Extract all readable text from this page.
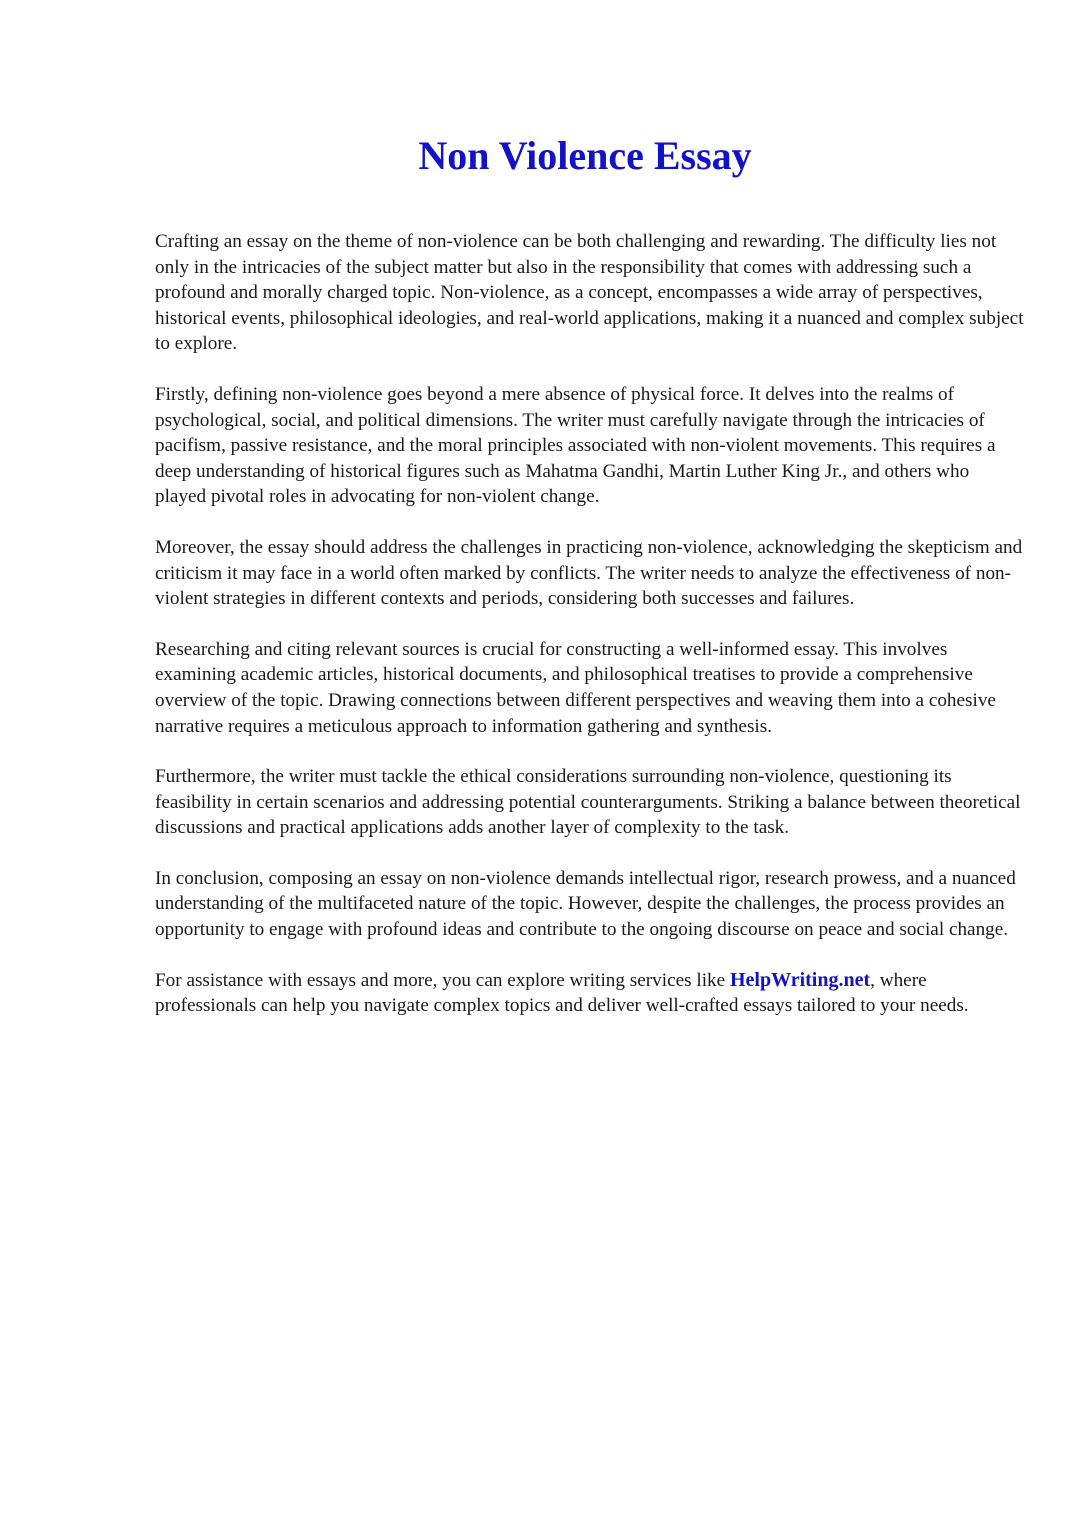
Non Violence Essay

Crafting an essay on the theme of non-violence can be both challenging and rewarding. The difficulty lies not only in the intricacies of the subject matter but also in the responsibility that comes with addressing such a profound and morally charged topic. Non-violence, as a concept, encompasses a wide array of perspectives, historical events, philosophical ideologies, and real-world applications, making it a nuanced and complex subject to explore.

Firstly, defining non-violence goes beyond a mere absence of physical force. It delves into the realms of psychological, social, and political dimensions. The writer must carefully navigate through the intricacies of pacifism, passive resistance, and the moral principles associated with non-violent movements. This requires a deep understanding of historical figures such as Mahatma Gandhi, Martin Luther King Jr., and others who played pivotal roles in advocating for non-violent change.

Moreover, the essay should address the challenges in practicing non-violence, acknowledging the skepticism and criticism it may face in a world often marked by conflicts. The writer needs to analyze the effectiveness of non-violent strategies in different contexts and periods, considering both successes and failures.

Researching and citing relevant sources is crucial for constructing a well-informed essay. This involves examining academic articles, historical documents, and philosophical treatises to provide a comprehensive overview of the topic. Drawing connections between different perspectives and weaving them into a cohesive narrative requires a meticulous approach to information gathering and synthesis.

Furthermore, the writer must tackle the ethical considerations surrounding non-violence, questioning its feasibility in certain scenarios and addressing potential counterarguments. Striking a balance between theoretical discussions and practical applications adds another layer of complexity to the task.

In conclusion, composing an essay on non-violence demands intellectual rigor, research prowess, and a nuanced understanding of the multifaceted nature of the topic. However, despite the challenges, the process provides an opportunity to engage with profound ideas and contribute to the ongoing discourse on peace and social change.

For assistance with essays and more, you can explore writing services like HelpWriting.net, where professionals can help you navigate complex topics and deliver well-crafted essays tailored to your needs.
